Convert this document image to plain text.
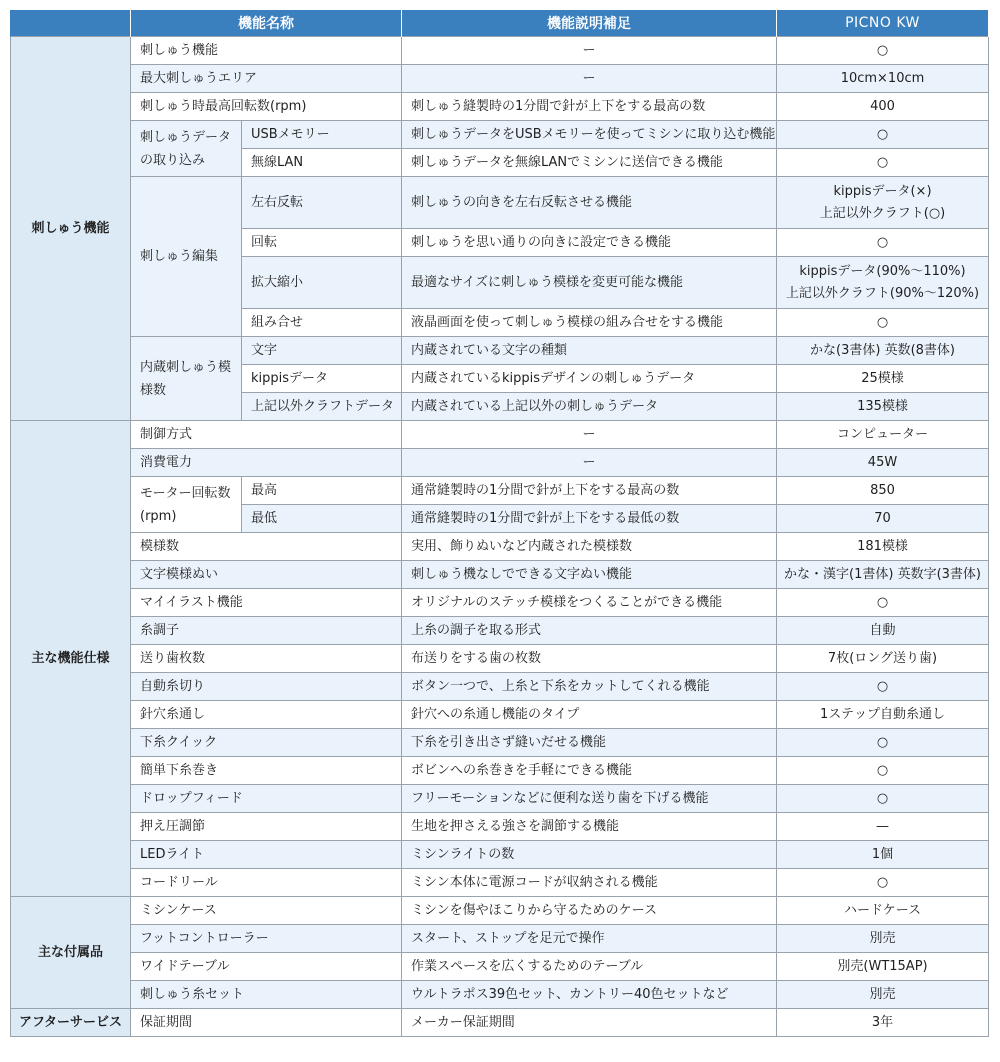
	機能名称		機能説明補足	PICNO KW
刺しゅう機能	刺しゅう機能		ー	○
	最大刺しゅうエリア		ー	10cm×10cm
	刺しゅう時最高回転数(rpm)		刺しゅう縫製時の1分間で針が上下をする最高の数	400
	刺しゅうデータの取り込み	USBメモリー	刺しゅうデータをUSBメモリーを使ってミシンに取り込む機能	○
		無線LAN	刺しゅうデータを無線LANでミシンに送信できる機能	○
	刺しゅう編集	左右反転	刺しゅうの向きを左右反転させる機能	kippisデータ(×)
上記以外クラフト(○)

		回転	刺しゅうを思い通りの向きに設定できる機能	○
		拡大縮小	最適なサイズに刺しゅう模様を変更可能な機能	kippisデータ(90%〜110%)
上記以外クラフト(90%〜120%)

		組み合せ	液晶画面を使って刺しゅう模様の組み合せをする機能	○
	内蔵刺しゅう模様数	文字	内蔵されている文字の種類	かな(3書体) 英数(8書体)
		kippisデータ	内蔵されているkippisデザインの刺しゅうデータ	25模様
		上記以外クラフトデータ	内蔵されている上記以外の刺しゅうデータ	135模様
主な機能仕様	制御方式		ー	コンピューター
	消費電力		ー	45W
	モーター回転数(rpm)	最高	通常縫製時の1分間で針が上下をする最高の数	850
		最低	通常縫製時の1分間で針が上下をする最低の数	70
	模様数		実用、飾りぬいなど内蔵された模様数	181模様
	文字模様ぬい		刺しゅう機なしでできる文字ぬい機能	かな・漢字(1書体) 英数字(3書体)
	マイイラスト機能		オリジナルのステッチ模様をつくることができる機能	○
	糸調子		上糸の調子を取る形式	自動
	送り歯枚数		布送りをする歯の枚数	7枚(ロング送り歯)
	自動糸切り		ボタン一つで、上糸と下糸をカットしてくれる機能	○
	針穴糸通し		針穴への糸通し機能のタイプ	1ステップ自動糸通し
	下糸クイック		下糸を引き出さず縫いだせる機能	○
	簡単下糸巻き		ボビンへの糸巻きを手軽にできる機能	○
	ドロップフィード		フリーモーションなどに便利な送り歯を下げる機能	○
	押え圧調節		生地を押さえる強さを調節する機能	—
	LEDライト		ミシンライトの数	1個
	コードリール		ミシン本体に電源コードが収納される機能	○
主な付属品	ミシンケース		ミシンを傷やほこりから守るためのケース	ハードケース
	フットコントローラー		スタート、ストップを足元で操作	別売
	ワイドテーブル		作業スペースを広くするためのテーブル	別売(WT15AP)
	刺しゅう糸セット		ウルトラポス39色セット、カントリー40色セットなど	別売
アフターサービス	保証期間		メーカー保証期間	3年
